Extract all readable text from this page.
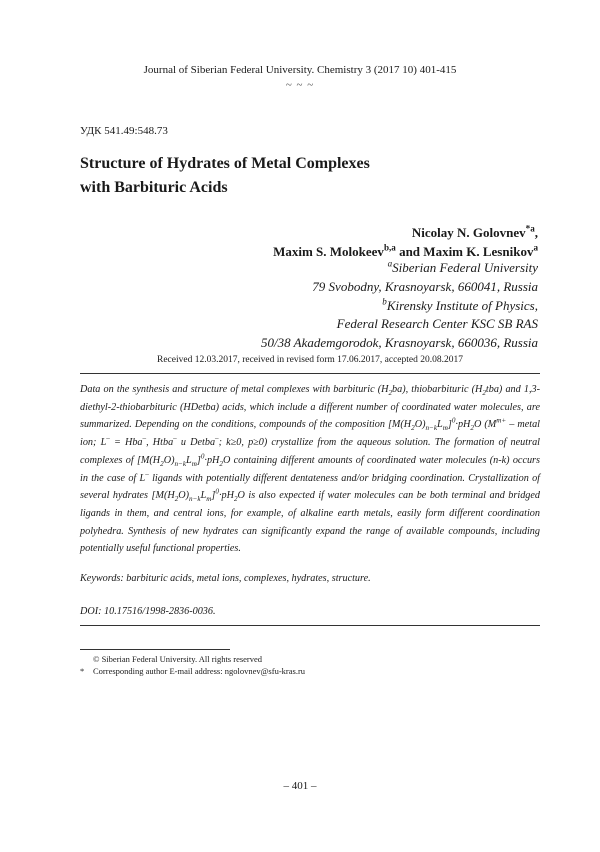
Journal of Siberian Federal University. Chemistry 3 (2017 10) 401-415
~ ~ ~
УДК 541.49:548.73
Structure of Hydrates of Metal Complexes
with Barbituric Acids
Nicolay N. Golovnev$^{*a}$,
Maxim S. Molokeev$^{b,a}$ and Maxim K. Lesnikov$^a$
$^a$Siberian Federal University
79 Svobodny, Krasnoyarsk, 660041, Russia
$^b$Kirensky Institute of Physics,
Federal Research Center KSC SB RAS
50/38 Akademgorodok, Krasnoyarsk, 660036, Russia
Received 12.03.2017, received in revised form 17.06.2017, accepted 20.08.2017
Data on the synthesis and structure of metal complexes with barbituric $(H_2ba)$, thiobarbituric $(H_2tba)$ and 1,3-diethyl-2-thiobarbituric (HDetba) acids, which include a different number of coordinated water molecules, are summarized. Depending on the conditions, compounds of the composition $[M(H_2O)_{n-k}L_m]^0\cdot pH_2O$ ($M^{m+}$ – metal ion; L– = Hba–, Htba– и Detba–; k≥0, p≥0) crystallize from the aqueous solution. The formation of neutral complexes of $[M(H_2O)_{n-k}L_m]^0\cdot pH_2O$ containing different amounts of coordinated water molecules (n-k) occurs in the case of L– ligands with potentially different dentateness and/or bridging coordination. Crystallization of several hydrates $[M(H_2O)_{n-k}L_m]^0\cdot pH_2O$ is also expected if water molecules can be both terminal and bridged ligands in them, and central ions, for example, of alkaline earth metals, easily form different coordination polyhedra. Synthesis of new hydrates can significantly expand the range of available compounds, including potentially useful functional properties.
Keywords: barbituric acids, metal ions, complexes, hydrates, structure.
DOI: 10.17516/1998-2836-0036.
© Siberian Federal University. All rights reserved
* Corresponding author E-mail address: ngolovnev@sfu-kras.ru
– 401 –
